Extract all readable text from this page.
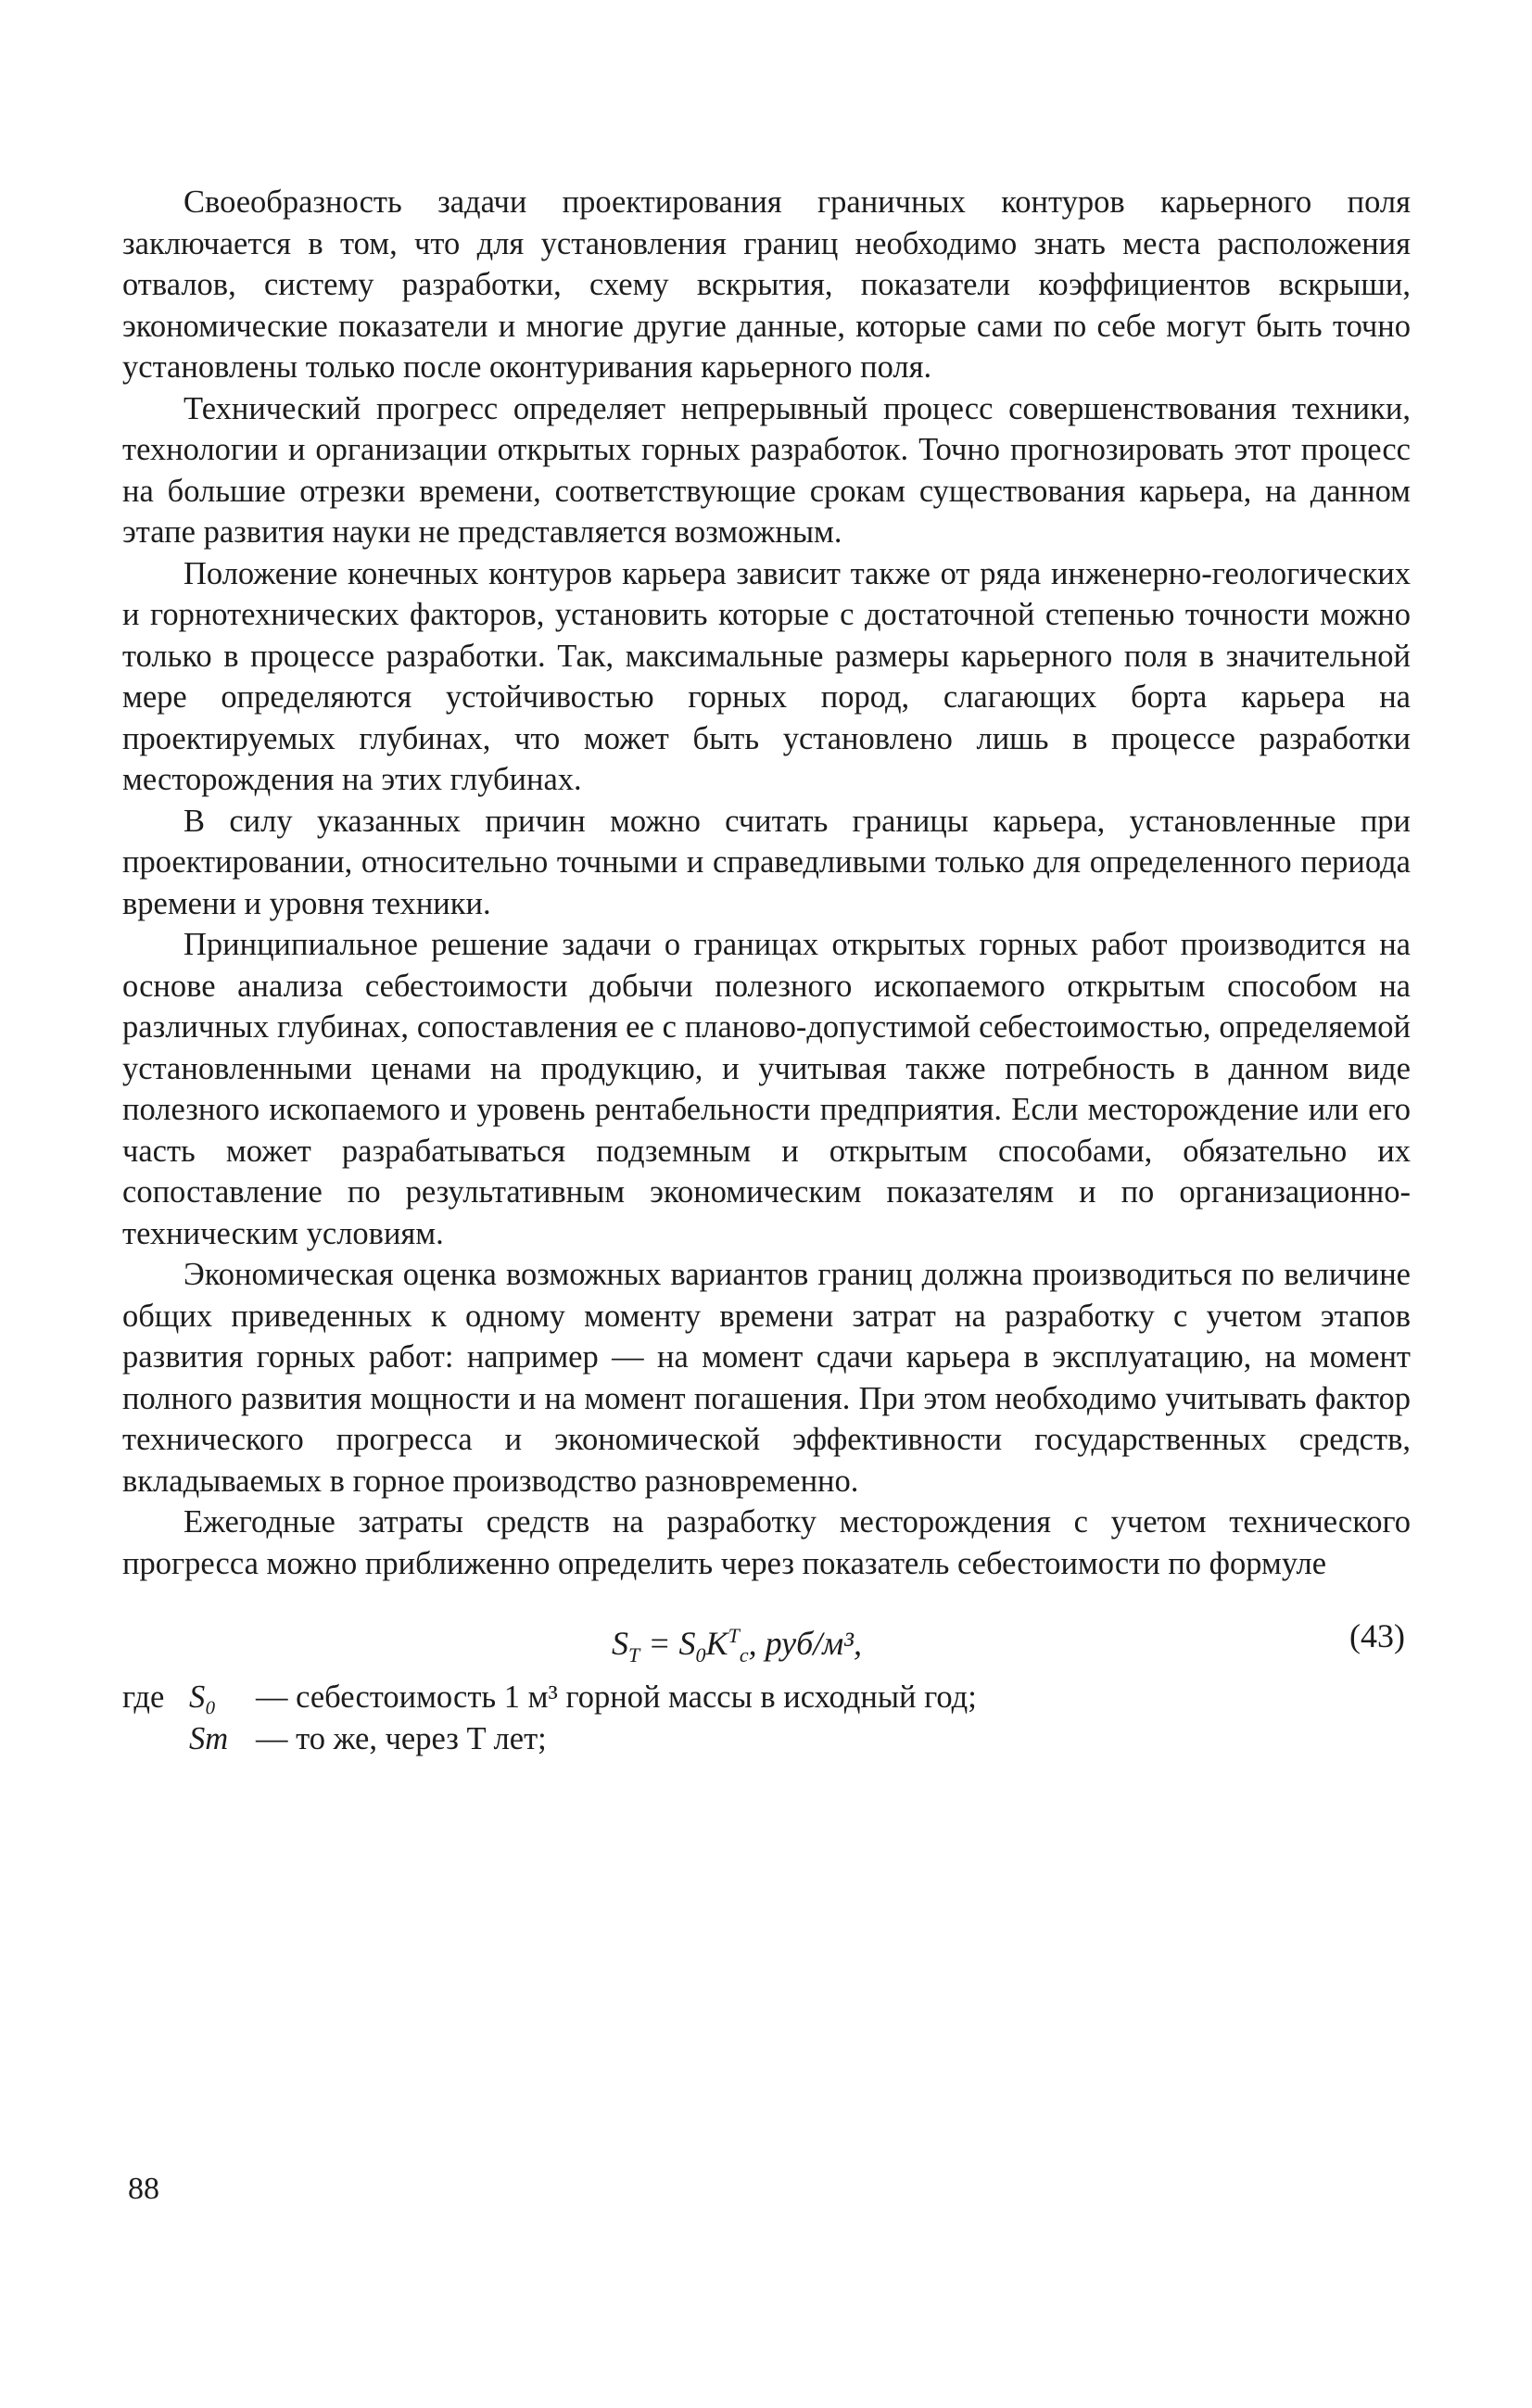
Своеобразность задачи проектирования граничных контуров карьерного поля заключается в том, что для установления границ необходимо знать места расположения отвалов, систему разработки, схему вскрытия, показатели коэффициентов вскрыши, экономические показатели и многие другие данные, которые сами по себе могут быть точно установлены только после оконтуривания карьерного поля.

Технический прогресс определяет непрерывный процесс совершенствования техники, технологии и организации открытых горных разработок. Точно прогнозировать этот процесс на большие отрезки времени, соответствующие срокам существования карьера, на данном этапе развития науки не представляется возможным.

Положение конечных контуров карьера зависит также от ряда инженерно-геологических и горнотехнических факторов, установить которые с достаточной степенью точности можно только в процессе разработки. Так, максимальные размеры карьерного поля в значительной мере определяются устойчивостью горных пород, слагающих борта карьера на проектируемых глубинах, что может быть установлено лишь в процессе разработки месторождения на этих глубинах.

В силу указанных причин можно считать границы карьера, установленные при проектировании, относительно точными и справедливыми только для определенного периода времени и уровня техники.

Принципиальное решение задачи о границах открытых горных работ производится на основе анализа себестоимости добычи полезного ископаемого открытым способом на различных глубинах, сопоставления ее с планово-допустимой себестоимостью, определяемой установленными ценами на продукцию, и учитывая также потребность в данном виде полезного ископаемого и уровень рентабельности предприятия. Если месторождение или его часть может разрабатываться подземным и открытым способами, обязательно их сопоставление по результативным экономическим показателям и по организационно-техническим условиям.

Экономическая оценка возможных вариантов границ должна производиться по величине общих приведенных к одному моменту времени затрат на разработку с учетом этапов развития горных работ: например — на момент сдачи карьера в эксплуатацию, на момент полного развития мощности и на момент погашения. При этом необходимо учитывать фактор технического прогресса и экономической эффективности государственных средств, вкладываемых в горное производство разновременно.

Ежегодные затраты средств на разработку месторождения с учетом технического прогресса можно приближенно определить через показатель себестоимости по формуле

$S_T = S_0K^T_c$, руб/м³,	(43)
где S₀	— себестоимость 1 м³ горной массы в исходный год;
Sт — то же, через T лет;
88
